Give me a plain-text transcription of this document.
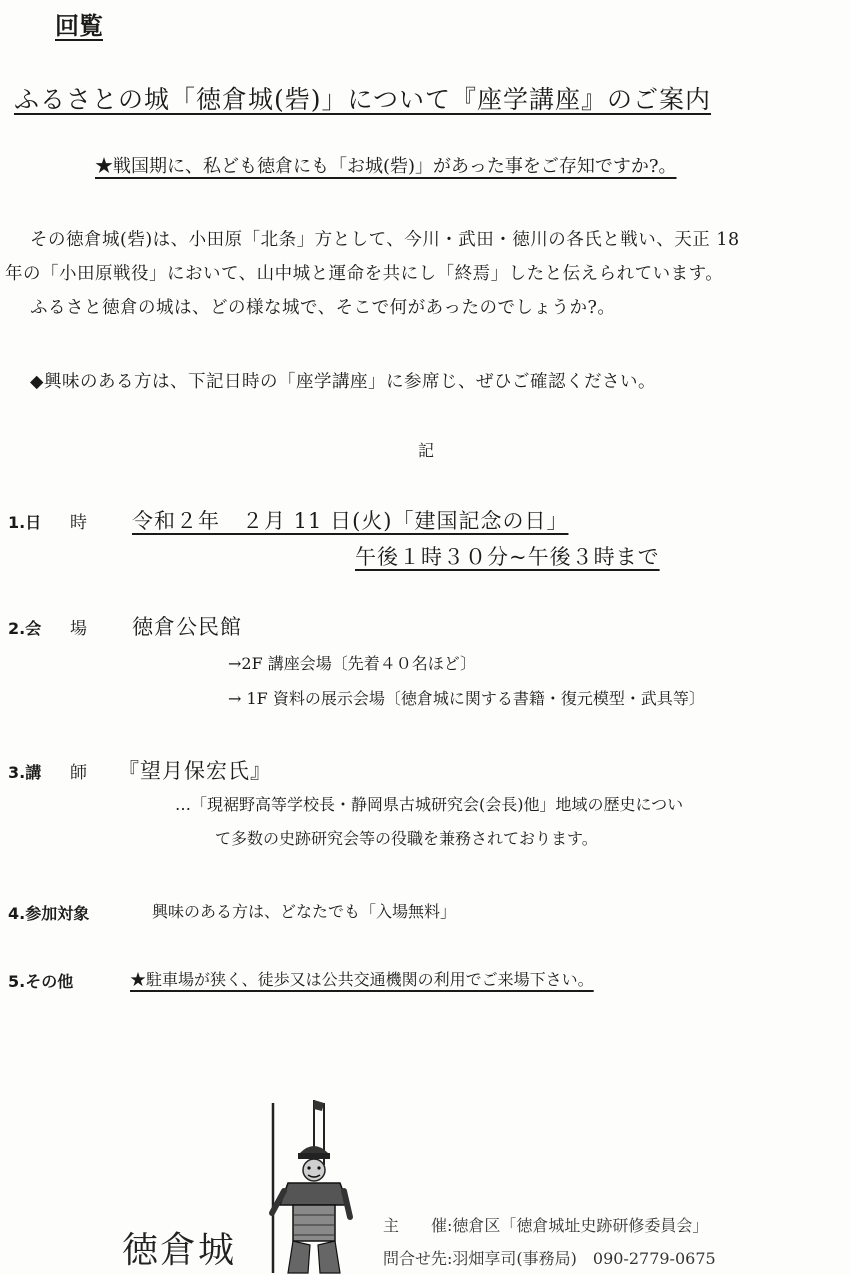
回覧
ふるさとの城「徳倉城(砦)」について『座学講座』のご案内
★戦国期に、私ども徳倉にも「お城(砦)」があった事をご存知ですか?。
その徳倉城(砦)は、小田原「北条」方として、今川・武田・徳川の各氏と戦い、天正 18
年の「小田原戦役」において、山中城と運命を共にし「終焉」したと伝えられています。
ふるさと徳倉の城は、どの様な城で、そこで何があったのでしょうか?。
◆興味のある方は、下記日時の「座学講座」に参席じ、ぜひご確認ください。
記
1.日 時 令和２年　２月 11 日(火)「建国記念の日」
午後１時３０分~午後３時まで
2.会 場 徳倉公民館
→2F 講座会場〔先着４０名ほど〕
→ 1F 資料の展示会場〔徳倉城に関する書籍・復元模型・武具等〕
3.講 師 『望月保宏氏』
…「現裾野高等学校長・静岡県古城研究会(会長)他」地域の歴史につい
て多数の史跡研究会等の役職を兼務されております。
4.参加対象	興味のある方は、どなたでも「入場無料」
5.その他	★駐車場が狭く、徒歩又は公共交通機関の利用でご来場下さい。
徳倉城
主　　催:徳倉区「徳倉城址史跡研修委員会」
問合せ先:羽畑享司(事務局)　090-2779-0675
